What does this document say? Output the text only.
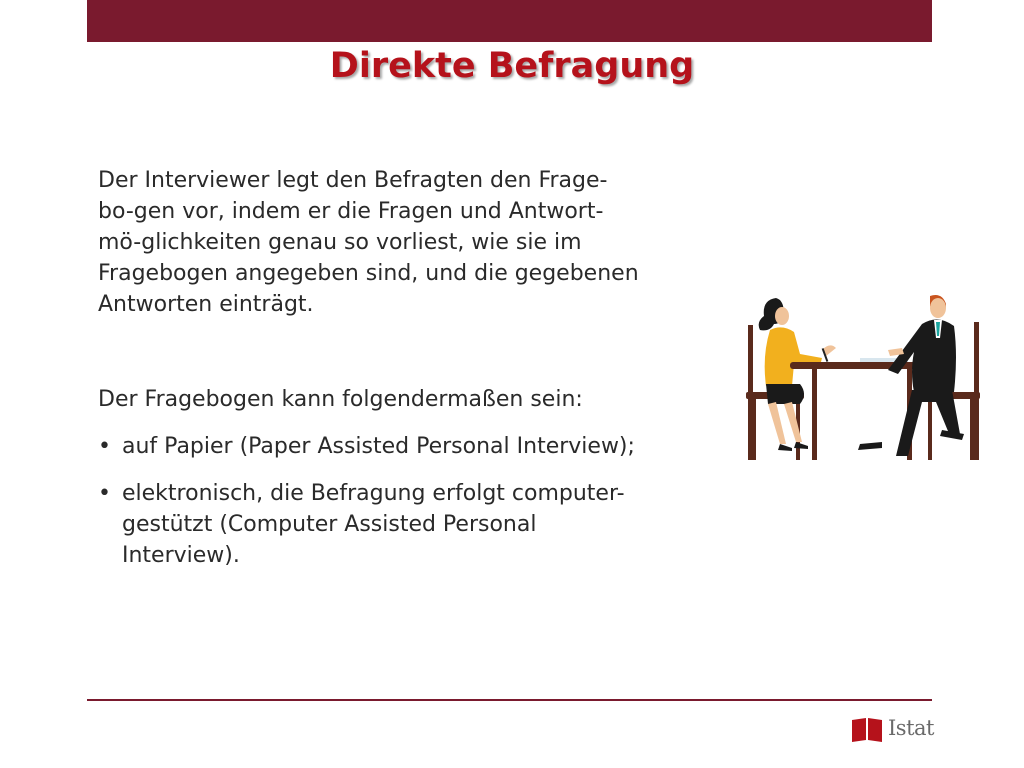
Direkte Befragung

Der Interviewer legt den Befragten den Frage-
bo-gen vor, indem er die Fragen und Antwort-
mö-glichkeiten genau so vorliest, wie sie im
Fragebogen angegeben sind, und die gegebenen
Antworten einträgt.

Der Fragebogen kann folgendermaßen sein:

• auf Papier (Paper Assisted Personal Interview);
• elektronisch, die Befragung erfolgt computer-
gestützt (Computer Assisted Personal
Interview).
Istat
